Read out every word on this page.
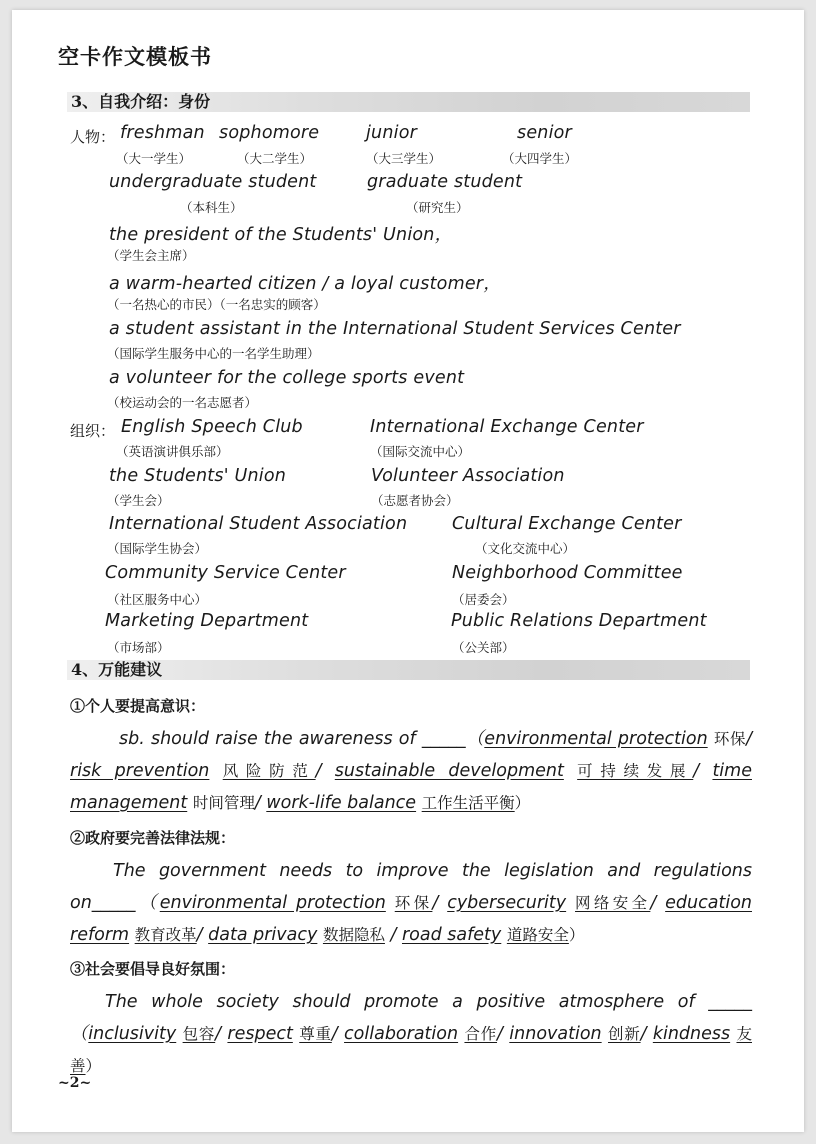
空卡作文模板书
3、自我介绍：身份
人物： freshman
（大一学生）
sophomore
（大二学生）
junior
（大三学生）
senior
（大四学生）
undergraduate student
（本科生）
graduate student
（研究生）
the president of the Students' Union，
（学生会主席）
a warm-hearted citizen / a loyal customer，
（一名热心的市民）（一名忠实的顾客）
a student assistant in the International Student Services Center
（国际学生服务中心的一名学生助理）
a volunteer for the college sports event
（校运动会的一名志愿者）
组织： English Speech Club
（英语演讲俱乐部）
International Exchange Center
（国际交流中心）
the Students' Union
（学生会）
Volunteer Association
（志愿者协会）
International Student Association
（国际学生协会）
Cultural Exchange Center
（文化交流中心）
Community Service Center
（社区服务中心）
Neighborhood Committee
（居委会）
Marketing Department
（市场部）
Public Relations Department
（公关部）
4、万能建议
①个人要提高意识：
sb. should raise the awareness of _____（environmental protection 环保/ risk prevention 风险防范/ sustainable development 可持续发展/ time management 时间管理/ work-life balance 工作生活平衡）
②政府要完善法律法规：
The government needs to improve the legislation and regulations on_____（environmental protection 环保/ cybersecurity 网络安全/ education reform 教育改革/ data privacy 数据隐私 / road safety 道路安全）
③社会要倡导良好氛围：
The whole society should promote a positive atmosphere of _____（inclusivity 包容/ respect 尊重/ collaboration 合作/ innovation 创新/ kindness 友善）
~2~
